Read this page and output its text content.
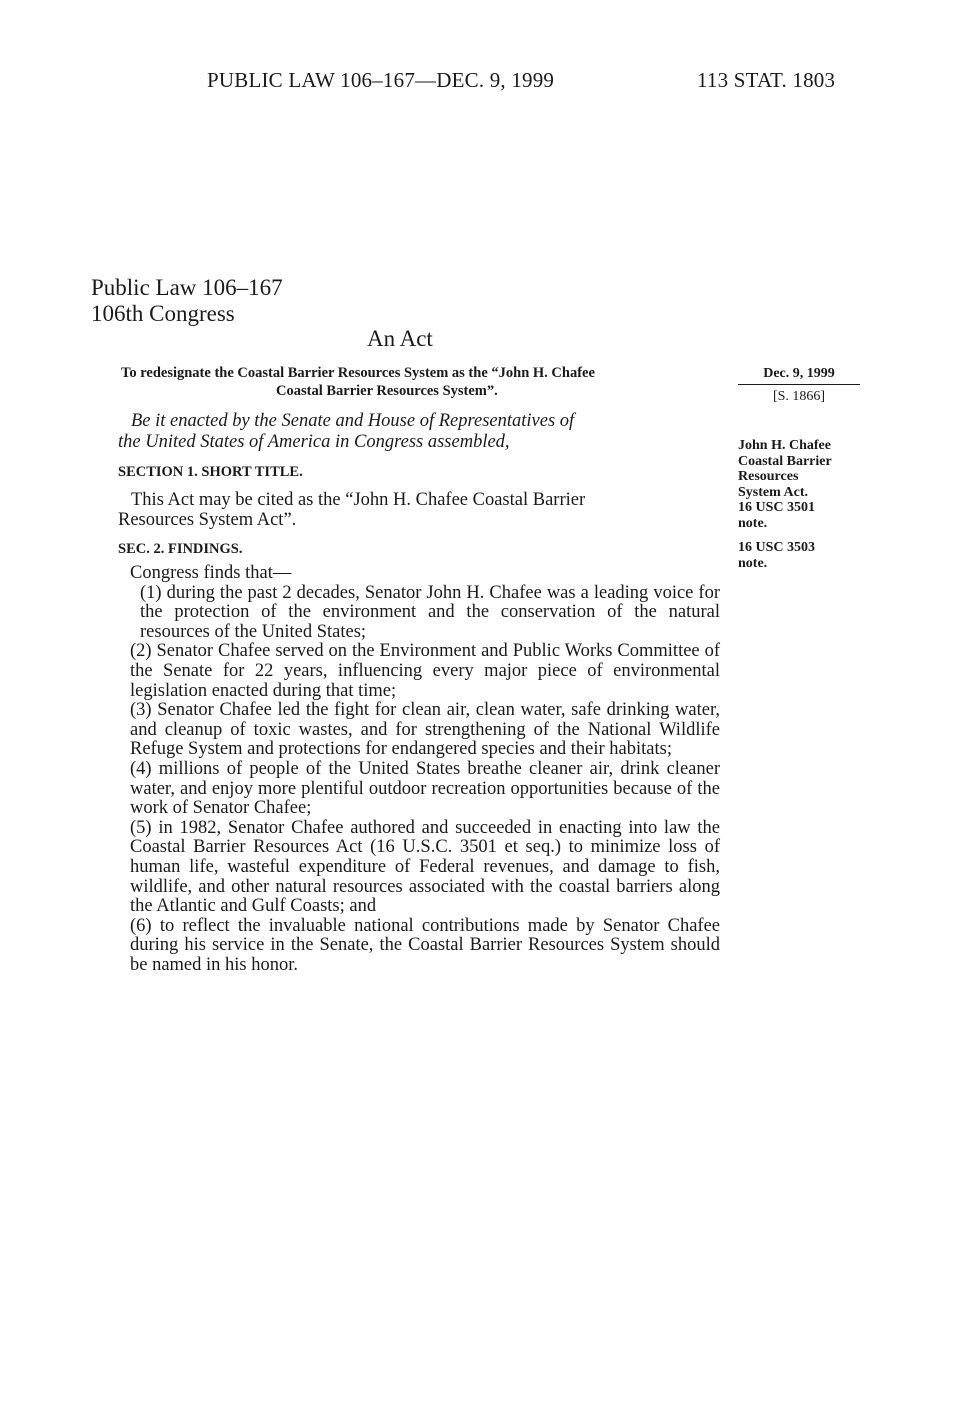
PUBLIC LAW 106–167—DEC. 9, 1999	113 STAT. 1803
Public Law 106–167
106th Congress
An Act
To redesignate the Coastal Barrier Resources System as the “John H. Chafee
Coastal Barrier Resources System”.
Dec. 9, 1999
[S. 1866]
John H. Chafee
Coastal Barrier
Resources
System Act.
16 USC 3501
note.
16 USC 3503
note.
Be it enacted by the Senate and House of Representatives of
the United States of America in Congress assembled,
SECTION 1. SHORT TITLE.
This Act may be cited as the “John H. Chafee Coastal Barrier
Resources System Act”.
SEC. 2. FINDINGS.
Congress finds that—

(1) during the past 2 decades, Senator John H. Chafee was a leading voice for the protection of the environment and the conservation of the natural resources of the United States;

(2) Senator Chafee served on the Environment and Public Works Committee of the Senate for 22 years, influencing every major piece of environmental legislation enacted during that time;

(3) Senator Chafee led the fight for clean air, clean water, safe drinking water, and cleanup of toxic wastes, and for strengthening of the National Wildlife Refuge System and protections for endangered species and their habitats;

(4) millions of people of the United States breathe cleaner air, drink cleaner water, and enjoy more plentiful outdoor recreation opportunities because of the work of Senator Chafee;

(5) in 1982, Senator Chafee authored and succeeded in enacting into law the Coastal Barrier Resources Act (16 U.S.C. 3501 et seq.) to minimize loss of human life, wasteful expenditure of Federal revenues, and damage to fish, wildlife, and other natural resources associated with the coastal barriers along the Atlantic and Gulf Coasts; and

(6) to reflect the invaluable national contributions made by Senator Chafee during his service in the Senate, the Coastal Barrier Resources System should be named in his honor.
